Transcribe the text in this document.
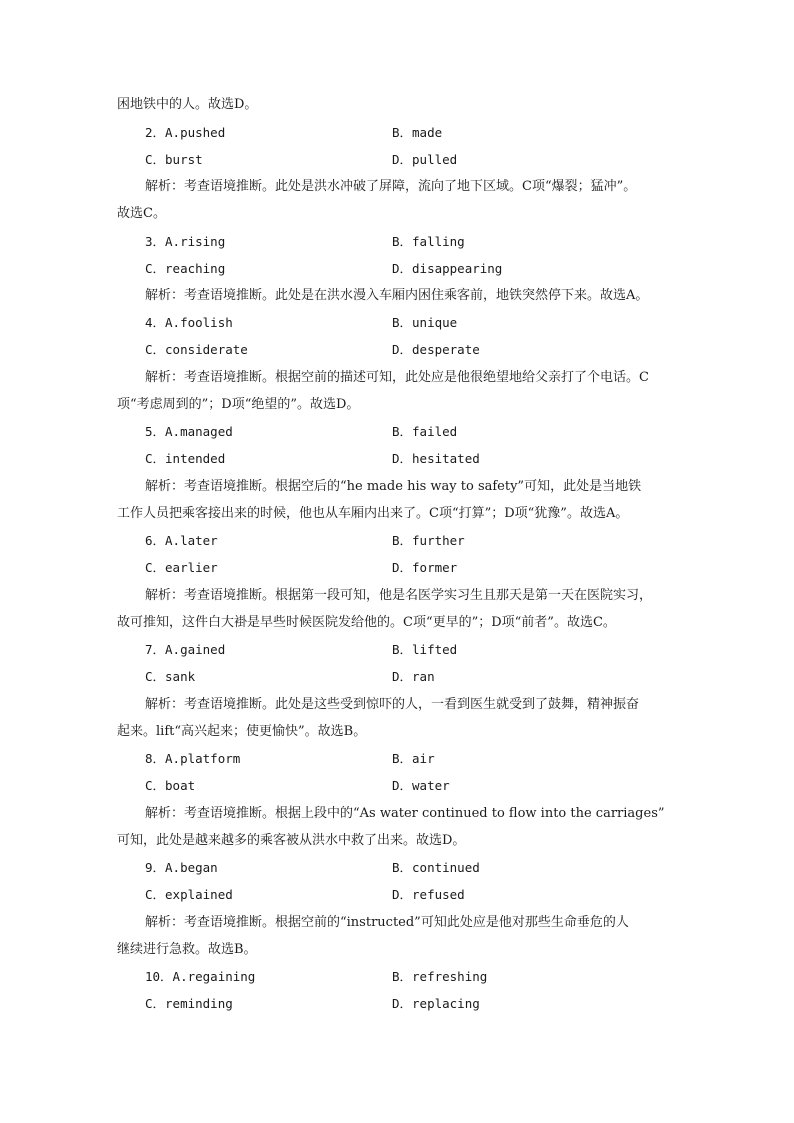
困地铁中的人。故选D。
2．A.pushed	B．made
C．burst	D．pulled
解析：考查语境推断。此处是洪水冲破了屏障，流向了地下区域。C项“爆裂；猛冲”。
故选C。
3．A.rising	B．falling
C．reaching	D．disappearing
解析：考查语境推断。此处是在洪水漫入车厢内困住乘客前，地铁突然停下来。故选A。
4．A.foolish	B．unique
C．considerate	D．desperate
解析：考查语境推断。根据空前的描述可知，此处应是他很绝望地给父亲打了个电话。C
项“考虑周到的”；D项“绝望的”。故选D。
5．A.managed	B．failed
C．intended	D．hesitated
解析：考查语境推断。根据空后的“he made his way to safety”可知，此处是当地铁
工作人员把乘客接出来的时候，他也从车厢内出来了。C项“打算”；D项“犹豫”。故选A。
6．A.later	B．further
C．earlier	D．former
解析：考查语境推断。根据第一段可知，他是名医学实习生且那天是第一天在医院实习，
故可推知，这件白大褂是早些时候医院发给他的。C项“更早的”；D项“前者”。故选C。
7．A.gained	B．lifted
C．sank	D．ran
解析：考查语境推断。此处是这些受到惊吓的人，一看到医生就受到了鼓舞，精神振奋
起来。lift“高兴起来；使更愉快”。故选B。
8．A.platform	B．air
C．boat	D．water
解析：考查语境推断。根据上段中的“As water continued to flow into the carriages”
可知，此处是越来越多的乘客被从洪水中救了出来。故选D。
9．A.began	B．continued
C．explained	D．refused
解析：考查语境推断。根据空前的“instructed”可知此处应是他对那些生命垂危的人
继续进行急救。故选B。
10．A.regaining	B．refreshing
C．reminding	D．replacing
